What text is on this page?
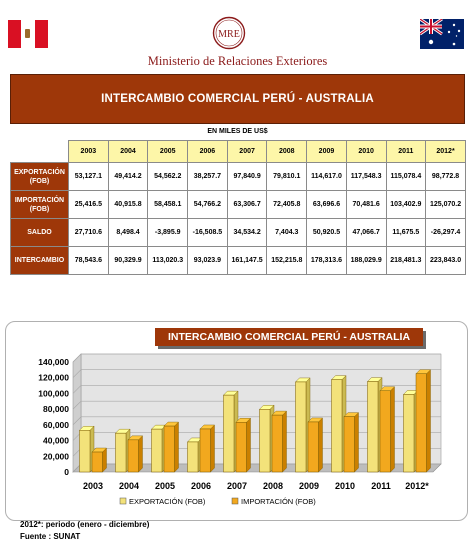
MRE
Ministerio de Relaciones Exteriores
INTERCAMBIO COMERCIAL PERÚ - AUSTRALIA
EN MILES DE US$
	2003	2004	2005	2006	2007	2008	2009	2010	2011	2012*
EXPORTACIÓN (FOB)	53,127.1	49,414.2	54,562.2	38,257.7	97,840.9	79,810.1	114,617.0	117,548.3	115,078.4	98,772.8
IMPORTACIÓN (FOB)	25,416.5	40,915.8	58,458.1	54,766.2	63,306.7	72,405.8	63,696.6	70,481.6	103,402.9	125,070.2
SALDO	27,710.6	8,498.4	-3,895.9	-16,508.5	34,534.2	7,404.3	50,920.5	47,066.7	11,675.5	-26,297.4
INTERCAMBIO	78,543.6	90,329.9	113,020.3	93,023.9	161,147.5	152,215.8	178,313.6	188,029.9	218,481.3	223,843.0
0
20,000
40,000
60,000
80,000
100,000
120,000
140,000
2003 2004 2005 2006 2007 2008 2009 2010 2011 2012*
EXPORTACIÓN (FOB)	IMPORTACIÓN (FOB)
INTERCAMBIO COMERCIAL PERÚ - AUSTRALIA
2012*: periodo (enero - diciembre)
Fuente : SUNAT
